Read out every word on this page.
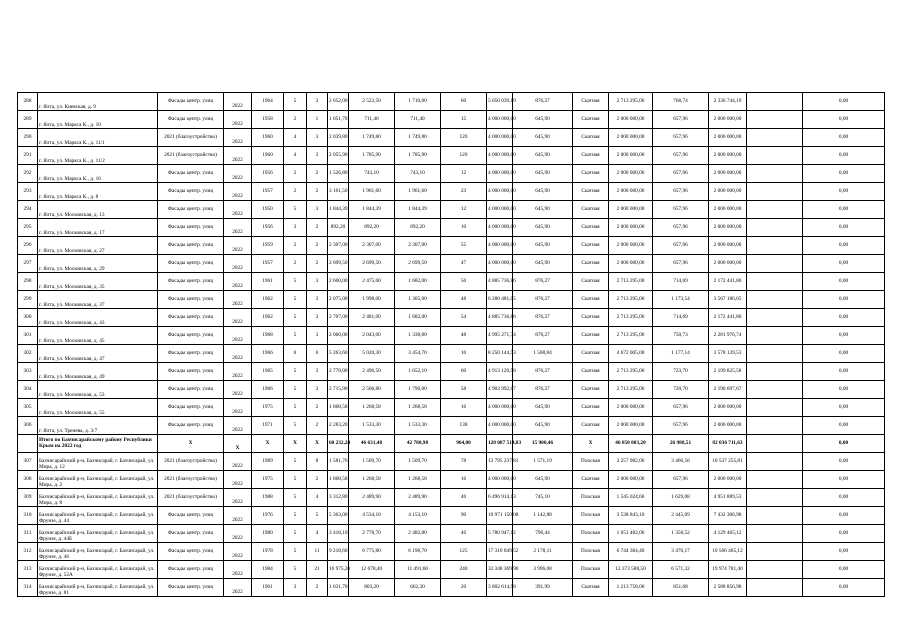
288	г. Ялта, ул. Киевская, д. 9	Фасады центр. улиц	2022	1964	5	3	2 652,00	2 522,50	1 710,00	60	5 050 039,19	876,27	Скатная	2 713 295,00	768,74	2 336 744,19		0,00
289	г. Ялта, ул. Маркса К., д. 10	Фасады центр. улиц	2022	1958	2	1	1 051,70	711,40	711,40	15	4 000 000,00	645,90	Скатная	2 000 000,00	657,96	2 000 000,00		0,00
290	г. Ялта, ул. Маркса К., д. 11/1	2021 (благоустройство)	2022	1960	4	3	2 039,80	1 749,80	1 749,80	120	4 000 000,00	645,90	Скатная	2 000 000,00	657,96	2 000 000,00		0,00
291	г. Ялта, ул. Маркса К., д. 11/2	2021 (благоустройство)	2022	1960	4	3	2 055,90	1 785,90	1 785,90	120	4 000 000,00	645,90	Скатная	2 000 000,00	657,96	2 000 000,00		0,00
292	г. Ялта, ул. Маркса К., д. 16	Фасады центр. улиц	2022	1956	2	2	1 526,80	743,10	743,10	12	4 000 000,00	645,90	Скатная	2 000 000,00	657,96	2 000 000,00		0,00
293	г. Ялта, ул. Маркса К., д. 8	Фасады центр. улиц	2022	1957	2	2	3 161,50	1 961,60	1 961,60	23	4 000 000,00	645,90	Скатная	2 000 000,00	657,96	2 000 000,00		0,00
294	г. Ялта, ул. Московская, д. 13	Фасады центр. улиц	2022	1950	5	3	1 844,39	1 844,39	1 844,39	12	4 000 000,00	645,90	Скатная	2 000 000,00	657,96	2 000 000,00		0,00
295	г. Ялта, ул. Московская, д. 17	Фасады центр. улиц	2022	1956	3	2	892,20	892,20	892,20	10	4 000 000,00	645,90	Скатная	2 000 000,00	657,96	2 000 000,00		0,00
296	г. Ялта, ул. Московская, д. 27	Фасады центр. улиц	2022	1959	2	2	2 307,00	2 307,00	2 307,00	55	4 000 000,00	645,90	Скатная	2 000 000,00	657,96	2 000 000,00		0,00
297	г. Ялта, ул. Московская, д. 29	Фасады центр. улиц	2022	1957	2	2	2 699,50	2 699,50	2 699,50	47	4 000 000,00	645,90	Скатная	2 000 000,00	657,96	2 000 000,00		0,00
298	г. Ялта, ул. Московская, д. 35	Фасады центр. улиц	2022	1961	5	3	2 600,00	2 475,00	1 682,00	56	4 885 736,86	876,27	Скатная	2 713 295,00	714,69	2 172 441,86		0,00
299	г. Ялта, ул. Московская, д. 37	Фасады центр. улиц	2022	1962	5	3	2 075,00	1 998,00	1 305,00	48	6 280 481,05	876,27	Скатная	2 713 295,00	1 173,54	3 567 186,05		0,00
300	г. Ялта, ул. Московская, д. 43	Фасады центр. улиц	2022	1962	5	3	2 707,00	2 481,00	1 682,00	54	4 885 736,86	876,27	Скатная	2 713 295,00	714,69	2 172 441,86		0,00
301	г. Ялта, ул. Московская, д. 45	Фасады центр. улиц	2022	1968	5	3	2 060,00	2 043,00	1 338,00	48	4 995 271,74	876,27	Скатная	2 713 295,00	750,73	2 281 976,74		0,00
302	г. Ялта, ул. Московская, д. 47	Фасады центр. улиц	2022	1966	6	6	5 263,60	5 020,30	3 454,70	16	8 250 144,53	1 508,84	Скатная	4 672 005,00	1 177,14	3 578 139,53		0,00
303	г. Ялта, ул. Московская, д. 49	Фасады центр. улиц	2022	1965	5	3	2 778,00	2 496,50	1 652,10	60	4 913 120,58	876,27	Скатная	2 713 295,00	723,70	2 199 825,58		0,00
304	г. Ялта, ул. Московская, д. 53	Фасады центр. улиц	2022	1966	5	3	2 715,90	2 566,80	1 790,00	58	4 903 992,67	876,27	Скатная	2 713 295,00	720,70	2 190 697,67		0,00
305	г. Ялта, ул. Московская, д. 55	Фасады центр. улиц	2022	1975	5	2	1 868,58	1 268,58	1 268,58	16	4 000 000,00	645,90	Скатная	2 000 000,00	657,96	2 000 000,00		0,00
306	г. Ялта, ул. Тренева, д. 3/7	Фасады центр. улиц	2022	1971	5	2	2 283,20	1 533,30	1 533,30	138	4 000 000,00	645,90	Скатная	2 000 000,00	657,96	2 000 000,00		0,00
	Итого по Бахчисарайскому району Республики Крым на 2022 год	X	X	X	X	X	60 232,24	46 631,48	42 780,98	964,00	128 087 514,83	15 900,46	X	46 050 803,20	26 988,51	82 036 711,63		0,00
307	Бахчисарайский р-н, Бахчисарай, г. Бахчисарай, ул. Мира, д. 12	2021 (благоустройство)	2022	1989	5	8	1 581,76	1 509,70	1 509,70	78	13 795 237,81	1 571,19	Плоская	3 257 982,00	3 466,56	10 537 255,81		0,00
308	Бахчисарайский р-н, Бахчисарай, г. Бахчисарай, ул. Мира, д. 2	2021 (благоустройство)	2022	1975	5	2	1 868,58	1 268,58	1 268,58	16	4 000 000,00	645,90	Скатная	2 000 000,00	657,96	2 000 000,00		0,00
309	Бахчисарайский р-н, Бахчисарай, г. Бахчисарай, ул. Мира, д. 8	2021 (благоустройство)	2022	1988	5	4	3 312,80	2 489,90	2 489,90	46	6 496 914,13	745,10	Плоская	1 545 024,60	1 629,08	4 951 889,53		0,00
310	Бахчисарайский р-н, Бахчисарай, г. Бахчисарай, ул. Фрунзе, д. 44	Фасады центр. улиц	2022	1976	5	5	5 363,00	4 534,10	4 153,10	90	10 971 150,08	1 142,88	Плоская	3 538 843,10	2 445,09	7 432 306,98		0,00
311	Бахчисарайский р-н, Бахчисарай, г. Бахчисарай, ул. Фрунзе, д. 44Б	Фасады центр. улиц	2022	1980	5	4	3 418,10	2 778,70	2 482,80	46	5 780 947,12	796,44	Плоская	1 651 482,00	1 358,52	4 129 465,12		0,00
312	Бахчисарайский р-н, Бахчисарай, г. Бахчисарай, ул. Фрунзе, д. 46	Фасады центр. улиц	2022	1978	5	11	9 218,60	6 775,80	6 196,70	125	17 310 849,52	2 178,11	Плоская	6 744 384,40	3 476,17	10 566 465,12		0,00
313	Бахчисарайский р-н, Бахчисарай, г. Бахчисарай, ул. Фрунзе, д. 52А	Фасады центр. улиц	2022	1984	5	21	16 975,20	12 678,40	11 491,60	240	32 348 369,90	3 996,08	Плоская	12 373 588,50	6 571,32	19 974 781,40		0,00
314	Бахчисарайский р-н, Бахчисарай, г. Бахчисарай, ул. Фрунзе, д. 81	Фасады центр. улиц	2022	1961	3	2	1 031,70	803,20	662,30	20	3 802 614,98	391,99	Скатная	1 213 758,00	851,68	2 588 856,98		0,00
